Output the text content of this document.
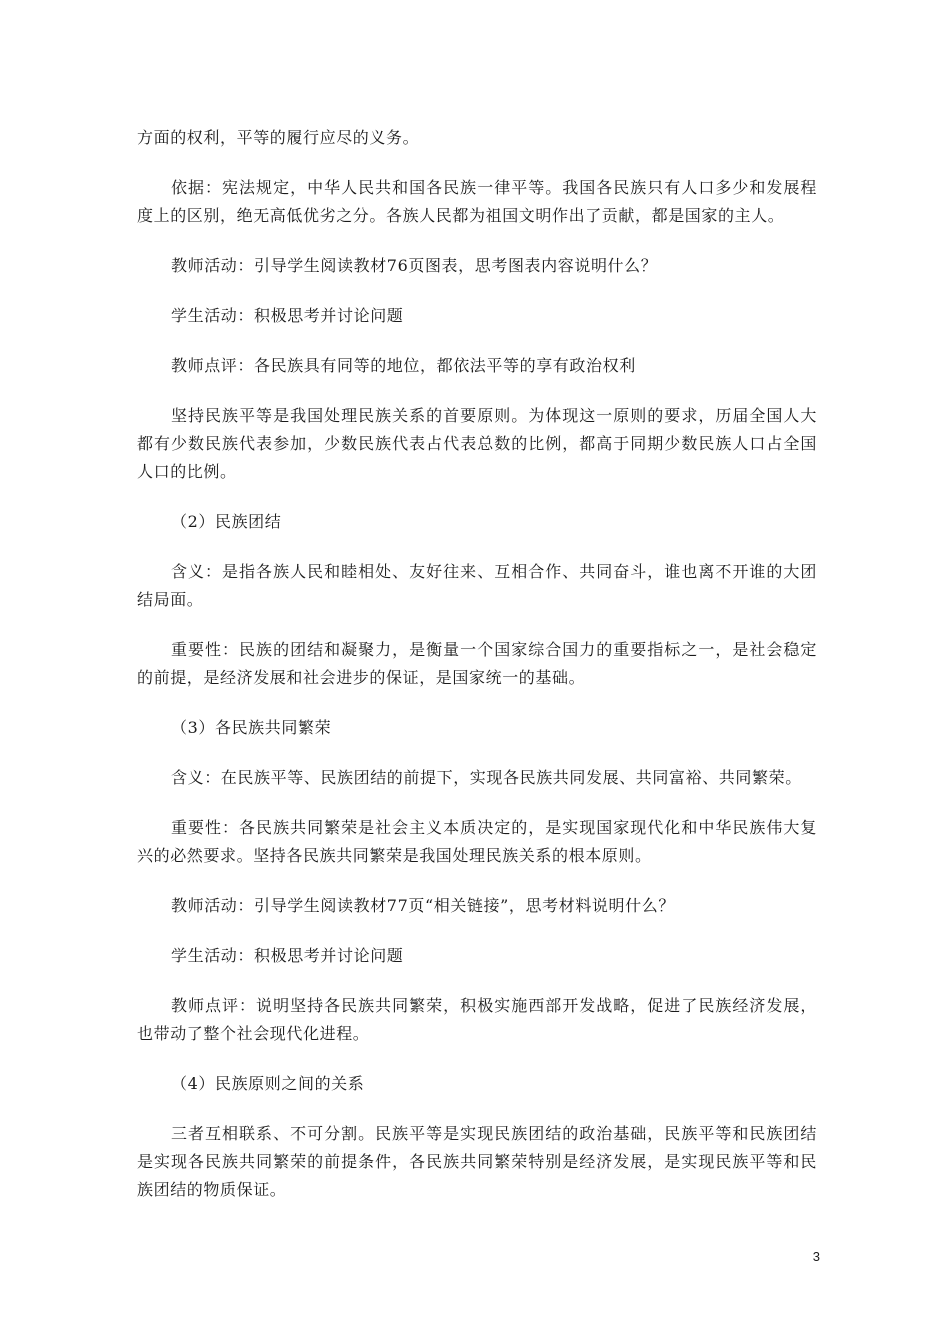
方面的权利，平等的履行应尽的义务。

依据：宪法规定，中华人民共和国各民族一律平等。我国各民族只有人口多少和发展程度上的区别，绝无高低优劣之分。各族人民都为祖国文明作出了贡献，都是国家的主人。

教师活动：引导学生阅读教材76页图表，思考图表内容说明什么？

学生活动：积极思考并讨论问题

教师点评：各民族具有同等的地位，都依法平等的享有政治权利

坚持民族平等是我国处理民族关系的首要原则。为体现这一原则的要求，历届全国人大都有少数民族代表参加，少数民族代表占代表总数的比例，都高于同期少数民族人口占全国人口的比例。

（2）民族团结

含义：是指各族人民和睦相处、友好往来、互相合作、共同奋斗，谁也离不开谁的大团结局面。

重要性：民族的团结和凝聚力，是衡量一个国家综合国力的重要指标之一，是社会稳定的前提，是经济发展和社会进步的保证，是国家统一的基础。

（3）各民族共同繁荣

含义：在民族平等、民族团结的前提下，实现各民族共同发展、共同富裕、共同繁荣。

重要性：各民族共同繁荣是社会主义本质决定的，是实现国家现代化和中华民族伟大复兴的必然要求。坚持各民族共同繁荣是我国处理民族关系的根本原则。

教师活动：引导学生阅读教材77页“相关链接”，思考材料说明什么？

学生活动：积极思考并讨论问题

教师点评：说明坚持各民族共同繁荣，积极实施西部开发战略，促进了民族经济发展，也带动了整个社会现代化进程。

（4）民族原则之间的关系

三者互相联系、不可分割。民族平等是实现民族团结的政治基础，民族平等和民族团结是实现各民族共同繁荣的前提条件，各民族共同繁荣特别是经济发展，是实现民族平等和民族团结的物质保证。

3
